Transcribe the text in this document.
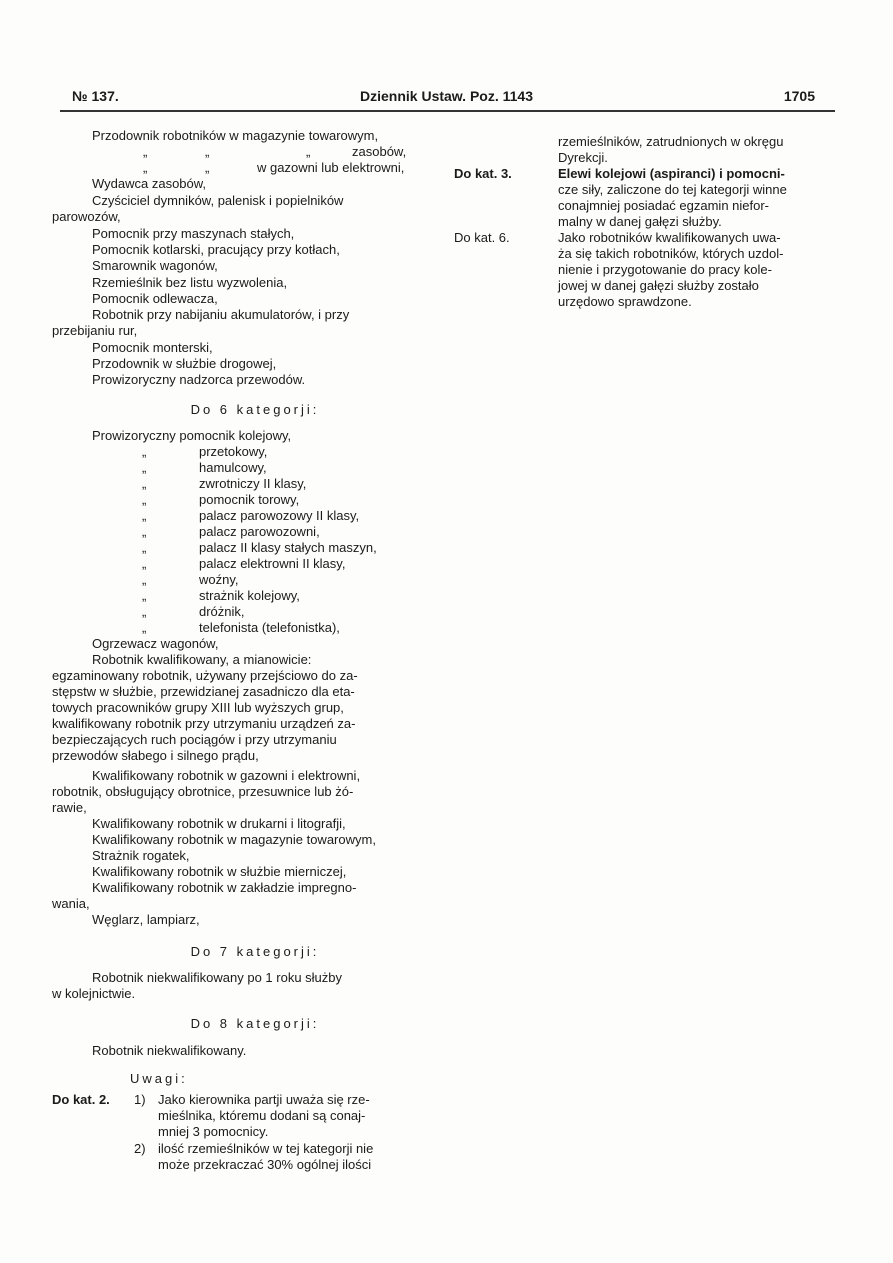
№ 137.	Dziennik Ustaw. Poz. 1143	1705
Przodownik robotników w magazynie towarowym,
„	„	„	zasobów,
„	„	w gazowni lub elektrowni,
Wydawca zasobów,
Czyściciel dymników, palenisk i popielników
parowozów,
Pomocnik przy maszynach stałych,
Pomocnik kotlarski, pracujący przy kotłach,
Smarownik wagonów,
Rzemieślnik bez listu wyzwolenia,
Pomocnik odlewacza,
Robotnik przy nabijaniu akumulatorów, i przy
przebijaniu rur,
Pomocnik monterski,
Przodownik w służbie drogowej,
Prowizoryczny nadzorca przewodów.
Do 6 kategorji:
Prowizoryczny pomocnik kolejowy,
„	przetokowy,
„	hamulcowy,
„	zwrotniczy II klasy,
„	pomocnik torowy,
„	palacz parowozowy II klasy,
„	palacz parowozowni,
„	palacz II klasy stałych maszyn,
„	palacz elektrowni II klasy,
„	woźny,
„	strażnik kolejowy,
„	dróżnik,
„	telefonista (telefonistka),
Ogrzewacz wagonów,
Robotnik kwalifikowany, a mianowicie:
egzaminowany robotnik, używany przejściowo do za-
stępstw w służbie, przewidzianej zasadniczo dla eta-
towych pracowników grupy XIII lub wyższych grup,
kwalifikowany robotnik przy utrzymaniu urządzeń za-
bezpieczających ruch pociągów i przy utrzymaniu
przewodów słabego i silnego prądu,
Kwalifikowany robotnik w gazowni i elektrowni,
robotnik, obsługujący obrotnice, przesuwnice lub żó-
rawie,
Kwalifikowany robotnik w drukarni i litografji,
Kwalifikowany robotnik w magazynie towarowym,
Strażnik rogatek,
Kwalifikowany robotnik w służbie mierniczej,
Kwalifikowany robotnik w zakładzie impregno-
wania,
Węglarz, lampiarz,
Do 7 kategorji:
Robotnik niekwalifikowany po 1 roku służby
w kolejnictwie.
Do 8 kategorji:
Robotnik niekwalifikowany.
Uwagi:
Do kat. 2. 1) Jako kierownika partji uważa się rze-
mieślnika, któremu dodani są conaj-
mniej 3 pomocnicy.
2) ilość rzemieślników w tej kategorji nie
może przekraczać 30% ogólnej ilości
rzemieślników, zatrudnionych w okręgu
Dyrekcji.
Do kat. 3.	Elewi kolejowi (aspiranci) i pomocni-
cze siły, zaliczone do tej kategorji winne
conajmniej posiadać egzamin niefor-
malny w danej gałęzi służby.
Do kat. 6.	Jako robotników kwalifikowanych uwa-
ża się takich robotników, których uzdol-
nienie i przygotowanie do pracy kole-
jowej w danej gałęzi służby zostało
urzędowo sprawdzone.
